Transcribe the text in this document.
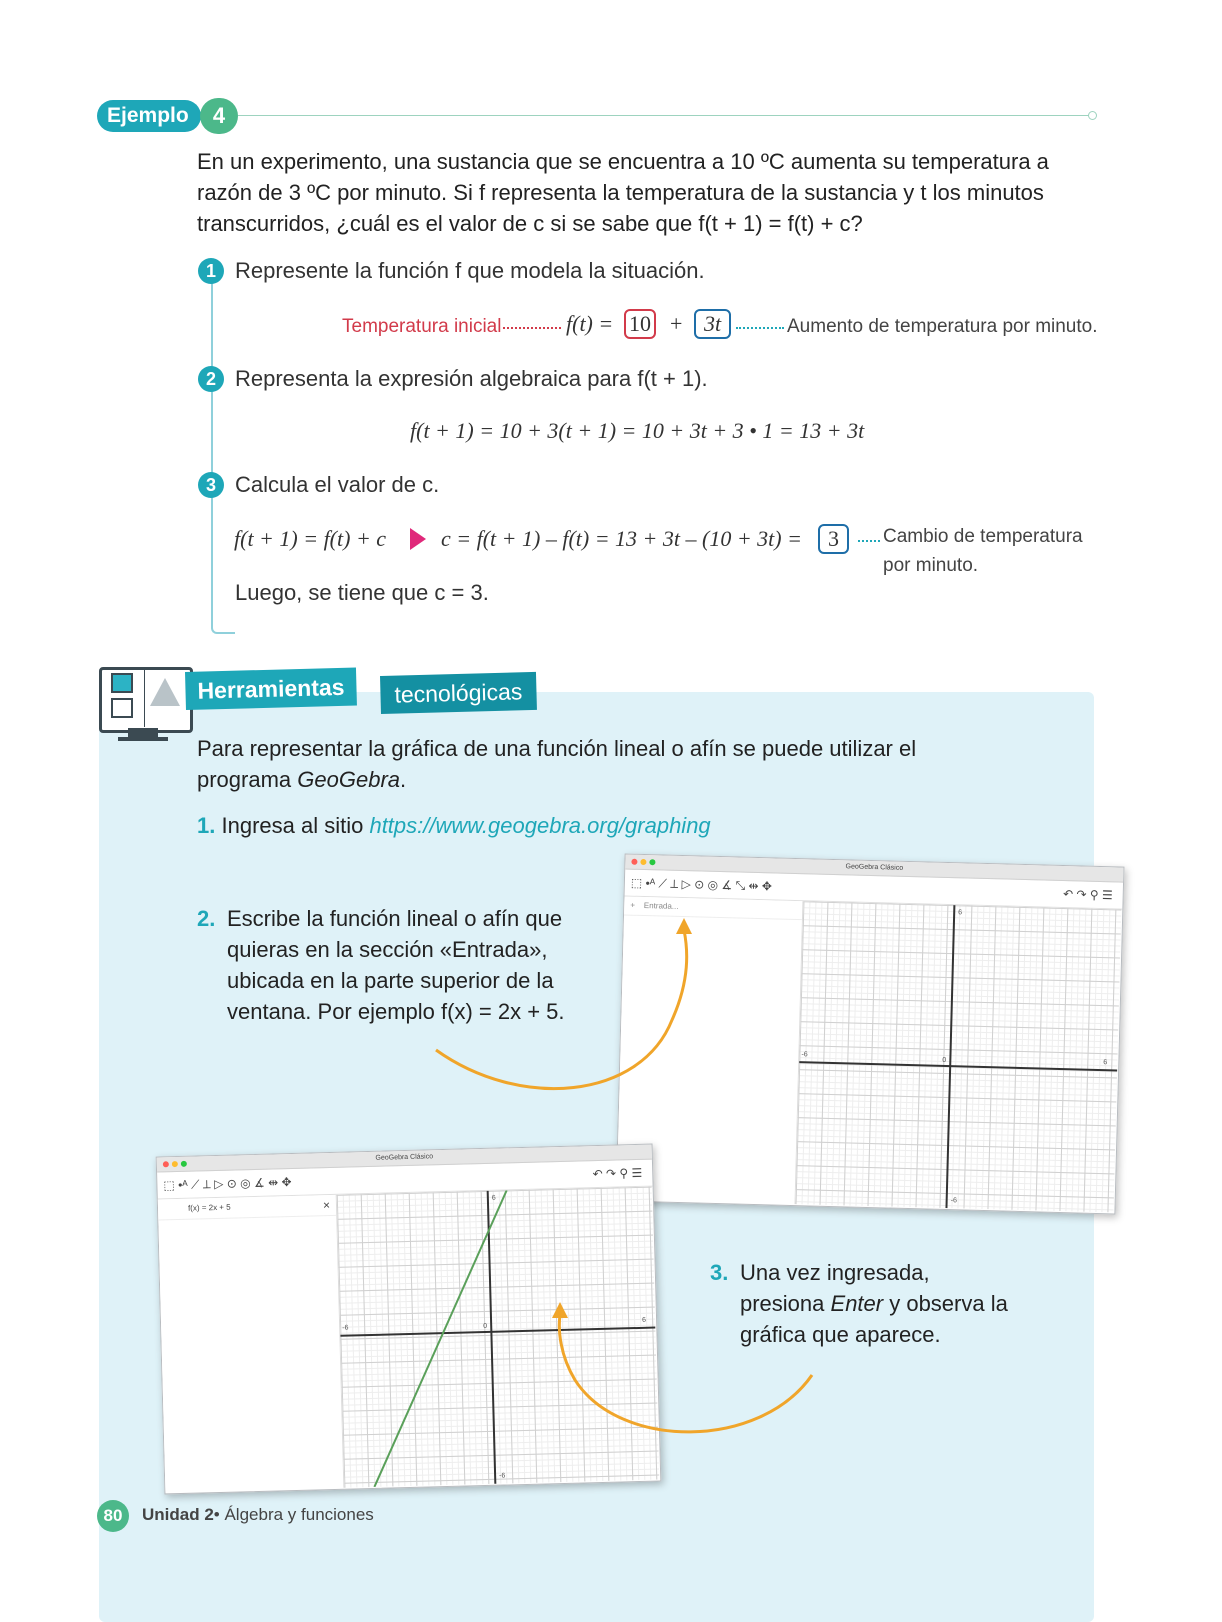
Ejemplo	4
En un experimento, una sustancia que se encuentra a 10 ºC aumenta su temperatura a
razón de 3 ºC por minuto. Si f representa la temperatura de la sustancia y t los minutos
transcurridos, ¿cuál es el valor de c si se sabe que f(t + 1) = f(t) + c?
1 Represente la función f que modela la situación.
Temperatura inicial	f(t) = 10 + 3t	Aumento de temperatura por minuto.
2 Representa la expresión algebraica para f(t + 1).
f(t + 1) = 10 + 3(t + 1) = 10 + 3t + 3 • 1 = 13 + 3t
3 Calcula el valor de c.
f(t + 1) = f(t) + c c = f(t + 1) – f(t) = 13 + 3t – (10 + 3t) =	3	Cambio de temperatura
por minuto.
Luego, se tiene que c = 3.
Herramientas	tecnológicas
Para representar la gráfica de una función lineal o afín se puede utilizar el
programa GeoGebra.
1. Ingresa al sitio https://www.geogebra.org/graphing
2. Escribe la función lineal o afín que
quieras en la sección «Entrada»,
ubicada en la parte superior de la
ventana. Por ejemplo f(x) = 2x + 5.
3. Una vez ingresada,
presiona Enter y observa la
gráfica que aparece.
GeoGebra Clásico
⬚ •ᴬ ⟋ ⟂ ▷ ⊙ ◎ ∡ ⤡ ⇹ ✥
↶ ↷ ⚲ ☰
+ Entrada...
6
-6
-6
6
0
GeoGebra Clásico
⬚ •ᴬ ⟋ ⟂ ▷ ⊙ ◎ ∡ ⇹ ✥
↶ ↷ ⚲ ☰
f(x) = 2x + 5	×	6
-6
-6
6
0
80	Unidad 2• Álgebra y funciones
